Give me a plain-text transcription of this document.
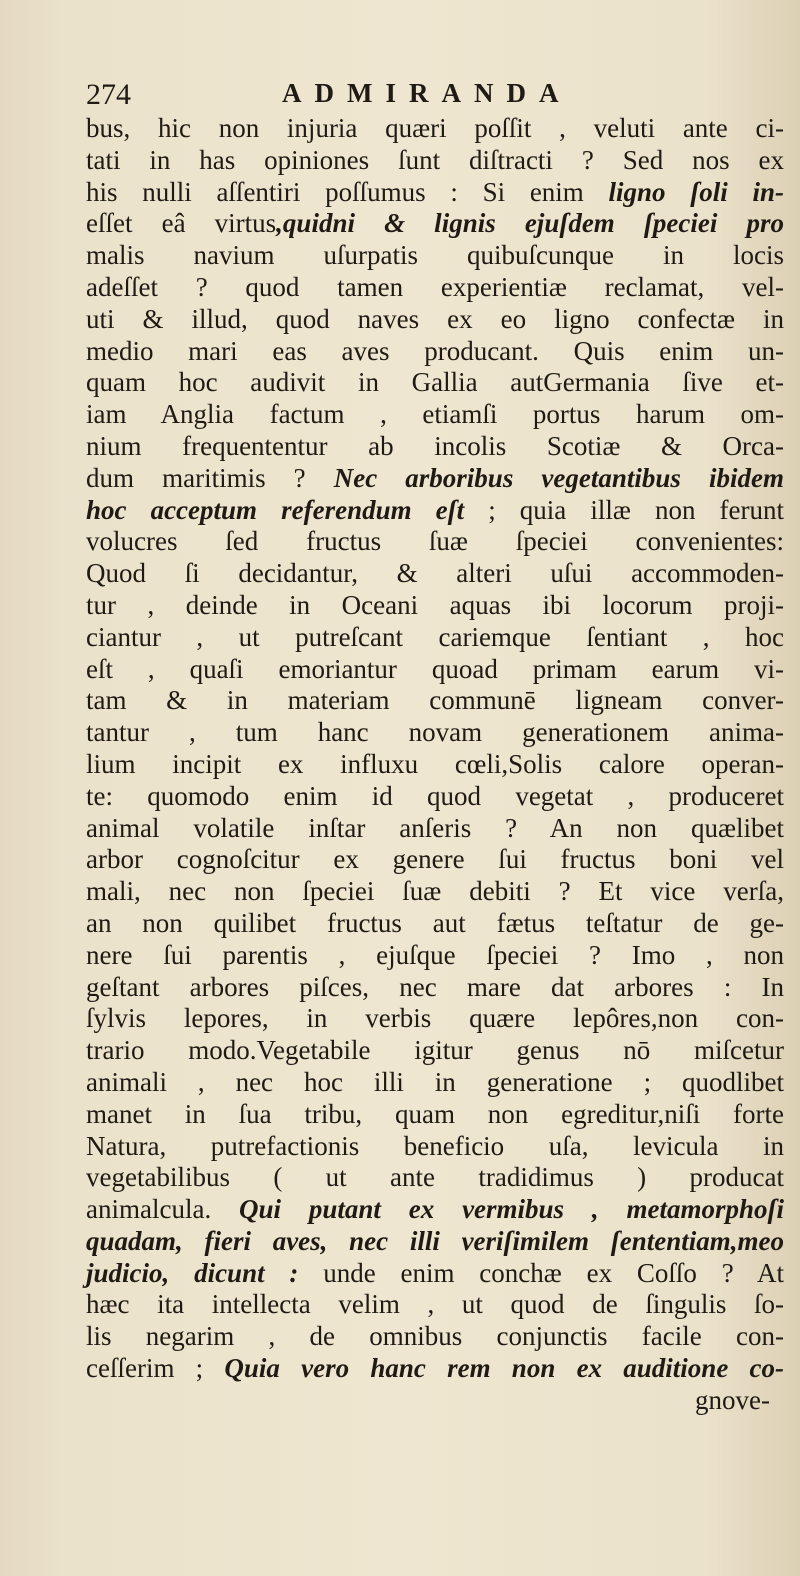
274	ADMIRANDA
bus, hic non injuria quæri poſſit , veluti ante ci-
tati in has opiniones ſunt diſtracti ? Sed nos ex
his nulli aſſentiri poſſumus : Si enim ligno ſoli in-
eſſet eâ virtus,quidni & lignis ejuſdem ſpeciei pro
malis navium uſurpatis quibuſcunque in locis
adeſſet ? quod tamen experientiæ reclamat, vel-
uti & illud, quod naves ex eo ligno confectæ in
medio mari eas aves producant. Quis enim un-
quam hoc audivit in Gallia autGermania ſive et-
iam Anglia factum , etiamſi portus harum om-
nium frequententur ab incolis Scotiæ & Orca-
dum maritimis ? Nec arboribus vegetantibus ibidem
hoc acceptum referendum eſt ; quia illæ non ferunt
volucres ſed fructus ſuæ ſpeciei convenientes:
Quod ſi decidantur, & alteri uſui accommoden-
tur , deinde in Oceani aquas ibi locorum proji-
ciantur , ut putreſcant cariemque ſentiant , hoc
eſt , quaſi emoriantur quoad primam earum vi-
tam & in materiam communē ligneam conver-
tantur , tum hanc novam generationem anima-
lium incipit ex influxu cœli,Solis calore operan-
te: quomodo enim id quod vegetat , produceret
animal volatile inſtar anſeris ? An non quælibet
arbor cognoſcitur ex genere ſui fructus boni vel
mali, nec non ſpeciei ſuæ debiti ? Et vice verſa,
an non quilibet fructus aut fætus teſtatur de ge-
nere ſui parentis , ejuſque ſpeciei ? Imo , non
geſtant arbores piſces, nec mare dat arbores : In
ſylvis lepores, in verbis quære lepôres,non con-
trario modo.Vegetabile igitur genus nō miſcetur
animali , nec hoc illi in generatione ; quodlibet
manet in ſua tribu, quam non egreditur,niſi forte
Natura, putrefactionis beneficio uſa, levicula in
vegetabilibus ( ut ante tradidimus ) producat
animalcula. Qui putant ex vermibus , metamorphoſi
quadam, fieri aves, nec illi veriſimilem ſententiam,meo
judicio, dicunt : unde enim conchæ ex Coſſo ? At
hæc ita intellecta velim , ut quod de ſingulis ſo-
lis negarim , de omnibus conjunctis facile con-
ceſſerim ; Quia vero hanc rem non ex auditione co-
gnove-
